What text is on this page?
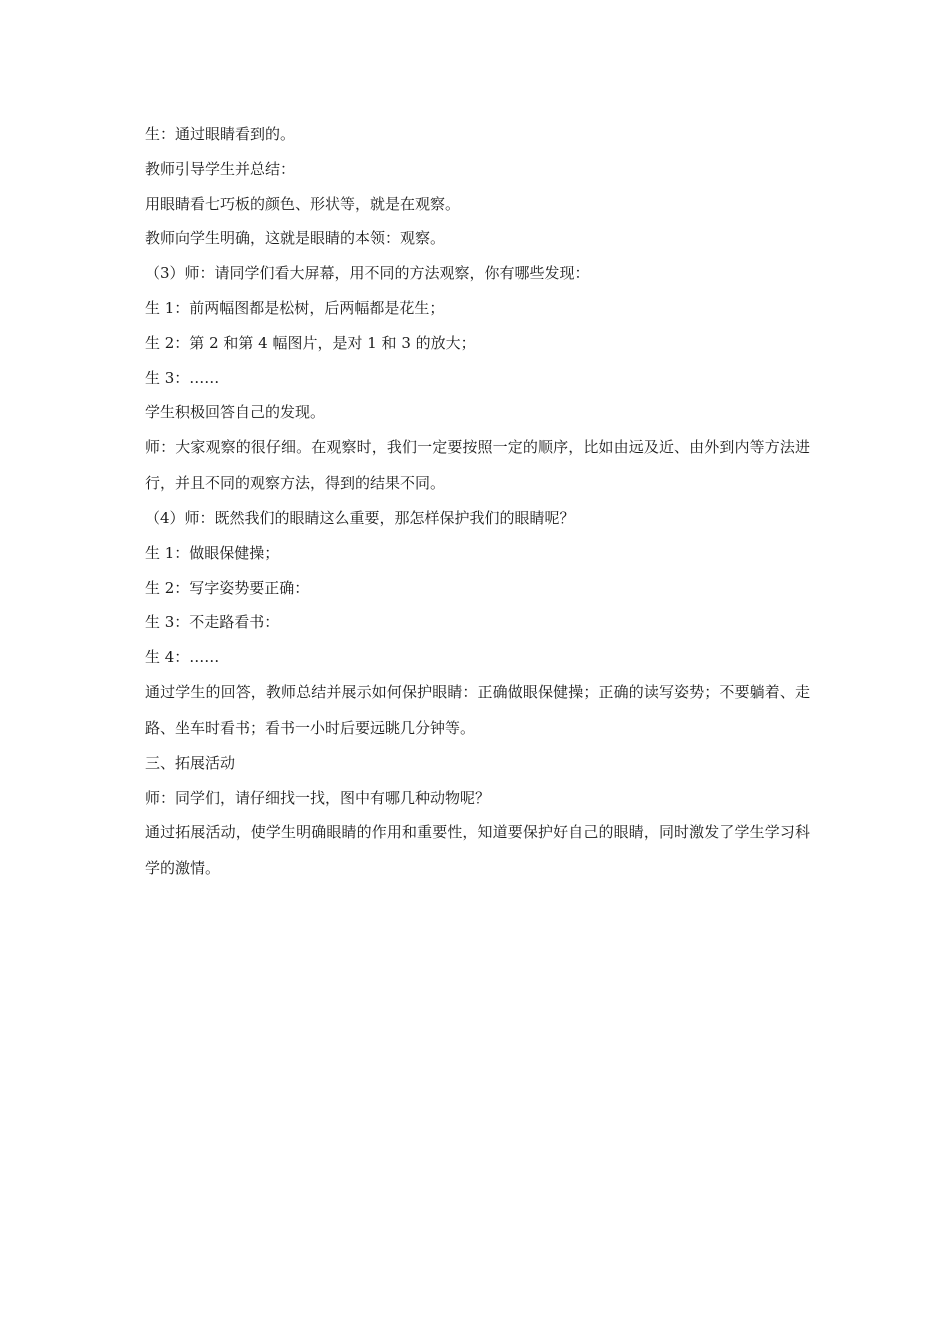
生：通过眼睛看到的。

教师引导学生并总结：

用眼睛看七巧板的颜色、形状等，就是在观察。

教师向学生明确，这就是眼睛的本领：观察。

（3）师：请同学们看大屏幕，用不同的方法观察，你有哪些发现：

生 1：前两幅图都是松树，后两幅都是花生；

生 2：第 2 和第 4 幅图片，是对 1 和 3 的放大；

生 3：……

学生积极回答自己的发现。

师：大家观察的很仔细。在观察时，我们一定要按照一定的顺序，比如由远及近、由外到内等方法进行，并且不同的观察方法，得到的结果不同。

（4）师：既然我们的眼睛这么重要，那怎样保护我们的眼睛呢？

生 1：做眼保健操；

生 2：写字姿势要正确：

生 3：不走路看书：

生 4：……

通过学生的回答，教师总结并展示如何保护眼睛：正确做眼保健操；正确的读写姿势；不要躺着、走路、坐车时看书；看书一小时后要远眺几分钟等。

三、拓展活动

师：同学们，请仔细找一找，图中有哪几种动物呢？

通过拓展活动，使学生明确眼睛的作用和重要性，知道要保护好自己的眼睛，同时激发了学生学习科学的激情。
